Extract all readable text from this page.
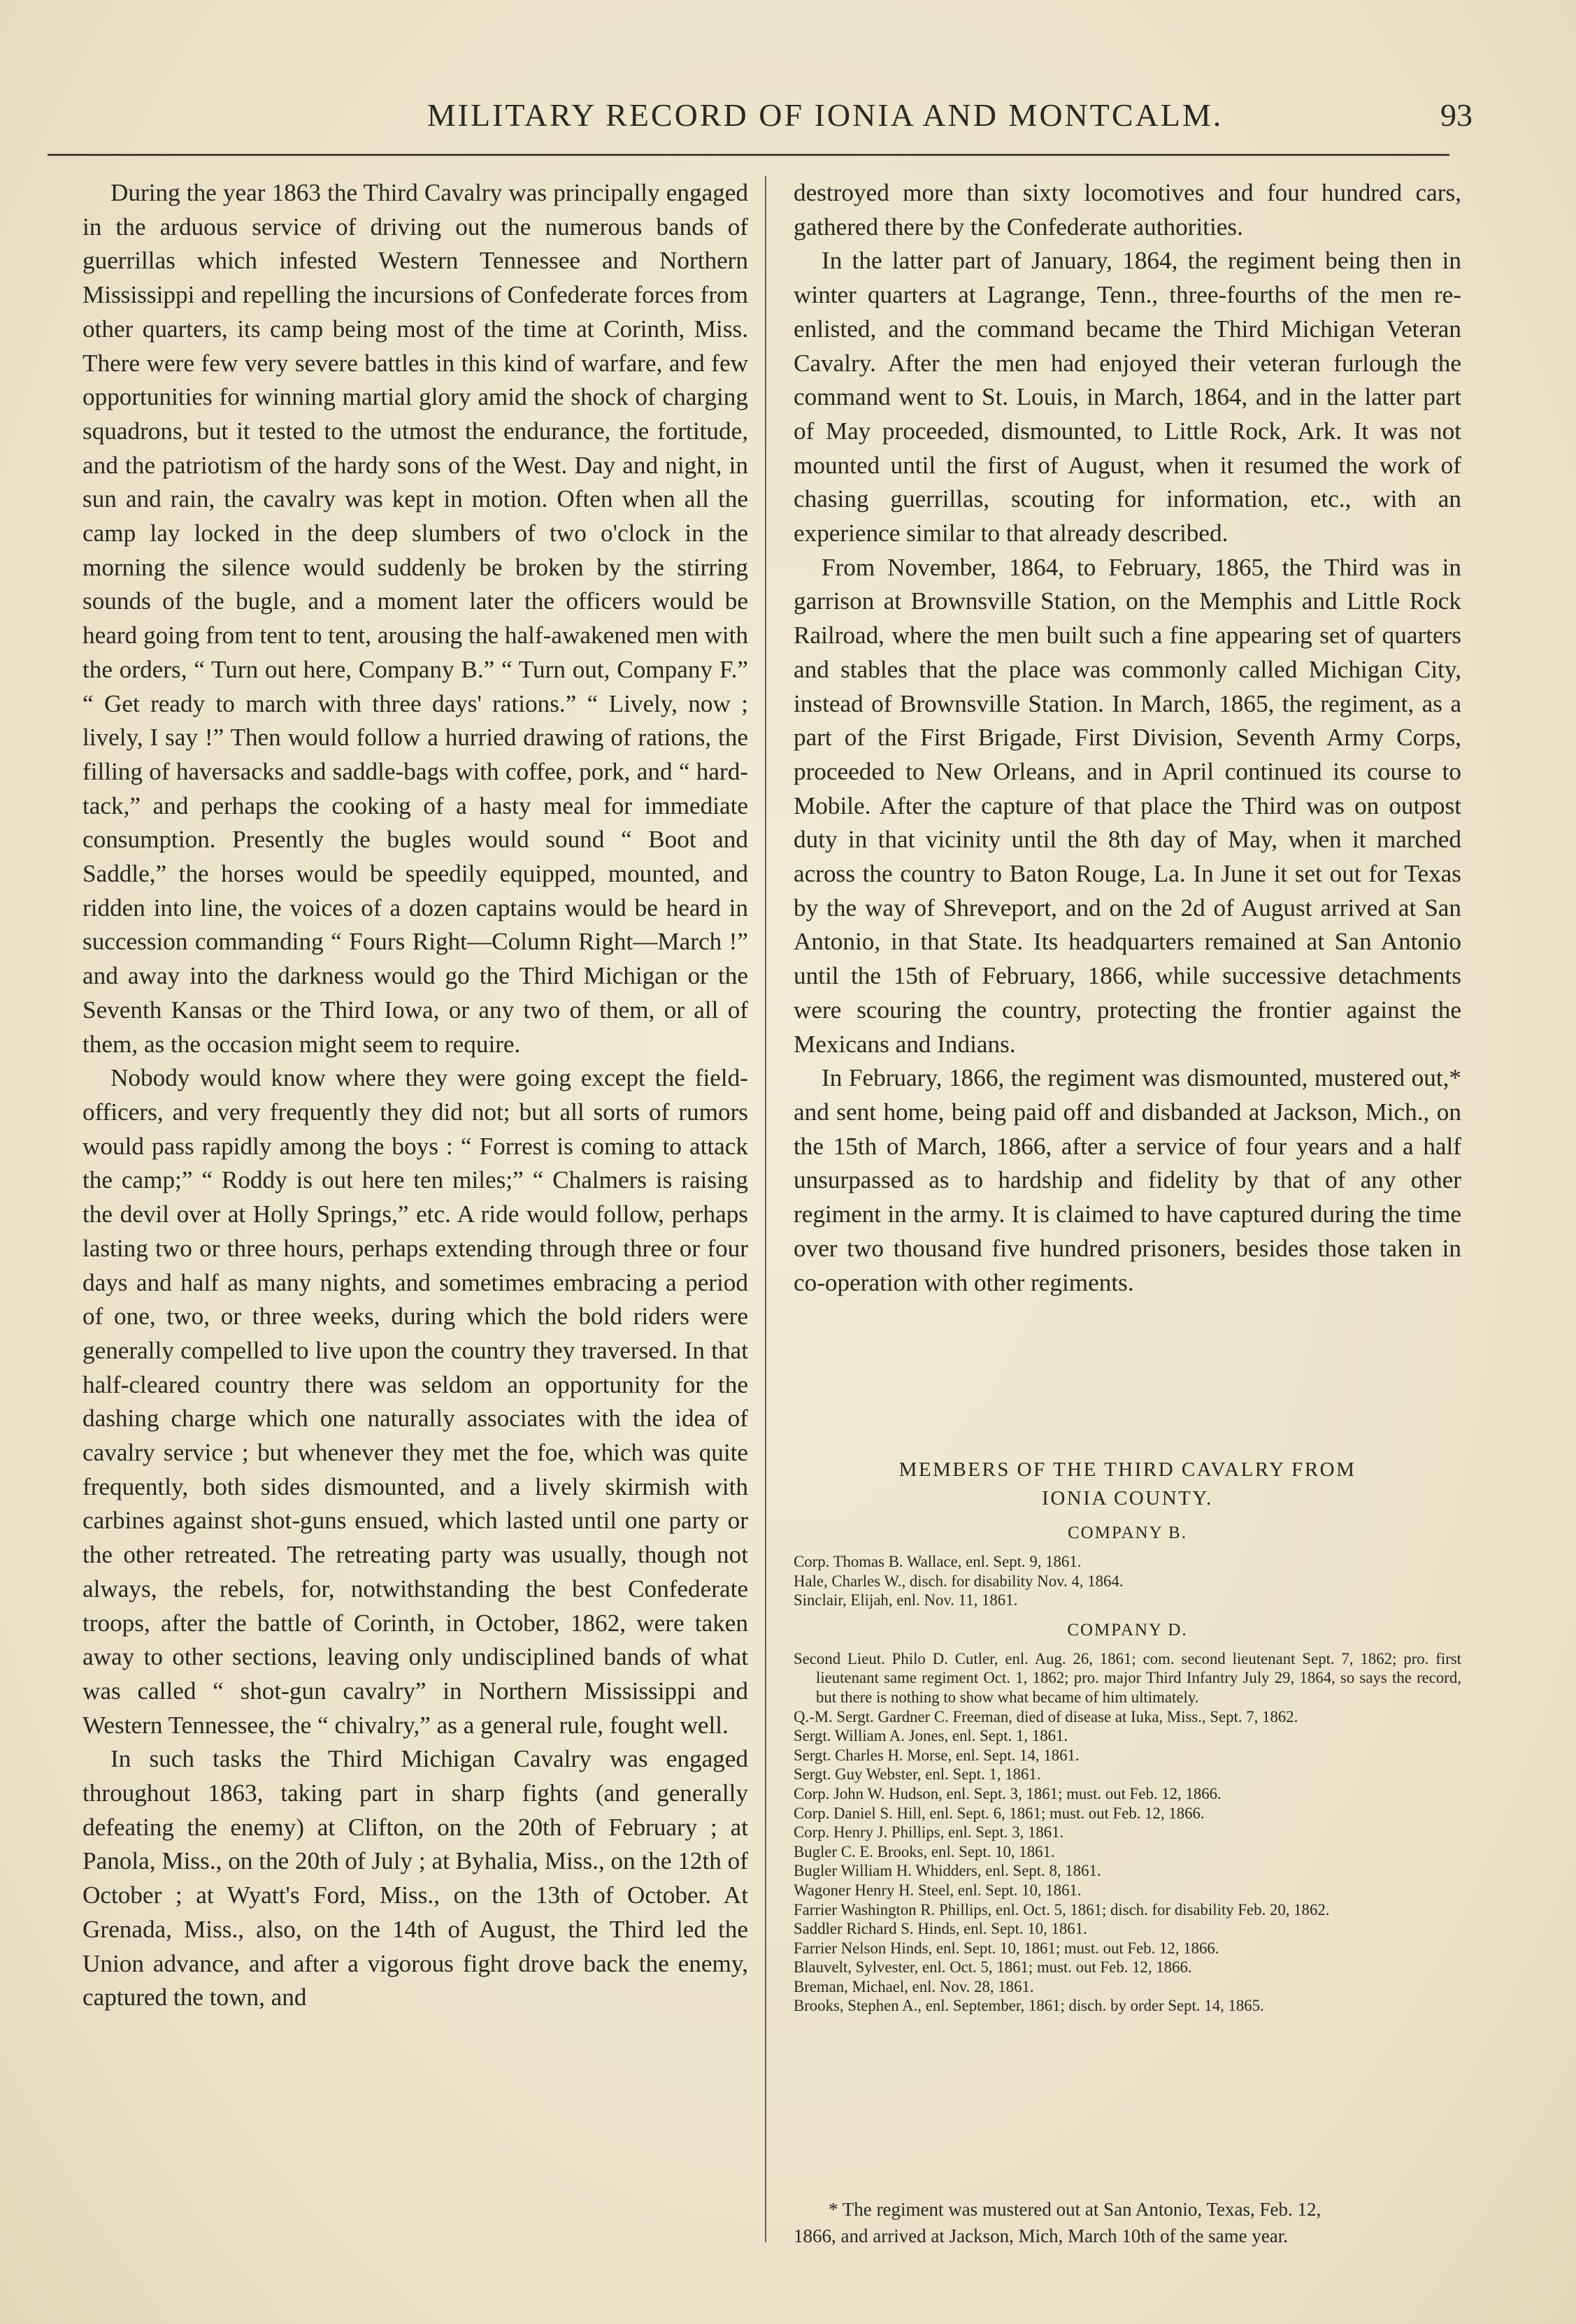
MILITARY RECORD OF IONIA AND MONTCALM.	93

During the year 1863 the Third Cavalry was principally engaged in the arduous service of driving out the numerous bands of guerrillas which infested Western Tennessee and Northern Mississippi and repelling the incursions of Confederate forces from other quarters, its camp being most of the time at Corinth, Miss. There were few very severe battles in this kind of warfare, and few opportunities for winning martial glory amid the shock of charging squadrons, but it tested to the utmost the endurance, the fortitude, and the patriotism of the hardy sons of the West. Day and night, in sun and rain, the cavalry was kept in motion. Often when all the camp lay locked in the deep slumbers of two o'clock in the morning the silence would suddenly be broken by the stirring sounds of the bugle, and a moment later the officers would be heard going from tent to tent, arousing the half-awakened men with the orders, “ Turn out here, Company B.” “ Turn out, Company F.” “ Get ready to march with three days' rations.” “ Lively, now ; lively, I say !” Then would follow a hurried drawing of rations, the filling of haversacks and saddle-bags with coffee, pork, and “ hard-tack,” and perhaps the cooking of a hasty meal for immediate consumption. Presently the bugles would sound “ Boot and Saddle,” the horses would be speedily equipped, mounted, and ridden into line, the voices of a dozen captains would be heard in succession commanding “ Fours Right—Column Right—March !” and away into the darkness would go the Third Michigan or the Seventh Kansas or the Third Iowa, or any two of them, or all of them, as the occasion might seem to require.

Nobody would know where they were going except the field-officers, and very frequently they did not; but all sorts of rumors would pass rapidly among the boys : “ Forrest is coming to attack the camp;” “ Roddy is out here ten miles;” “ Chalmers is raising the devil over at Holly Springs,” etc. A ride would follow, perhaps lasting two or three hours, perhaps extending through three or four days and half as many nights, and sometimes embracing a period of one, two, or three weeks, during which the bold riders were generally compelled to live upon the country they traversed. In that half-cleared country there was seldom an opportunity for the dashing charge which one naturally associates with the idea of cavalry service ; but whenever they met the foe, which was quite frequently, both sides dismounted, and a lively skirmish with carbines against shot-guns ensued, which lasted until one party or the other retreated. The retreating party was usually, though not always, the rebels, for, notwithstanding the best Confederate troops, after the battle of Corinth, in October, 1862, were taken away to other sections, leaving only undisciplined bands of what was called “ shot-gun cavalry” in Northern Mississippi and Western Tennessee, the “ chivalry,” as a general rule, fought well.

In such tasks the Third Michigan Cavalry was engaged throughout 1863, taking part in sharp fights (and generally defeating the enemy) at Clifton, on the 20th of February ; at Panola, Miss., on the 20th of July ; at Byhalia, Miss., on the 12th of October ; at Wyatt's Ford, Miss., on the 13th of October. At Grenada, Miss., also, on the 14th of August, the Third led the Union advance, and after a vigorous fight drove back the enemy, captured the town, and

destroyed more than sixty locomotives and four hundred cars, gathered there by the Confederate authorities.

In the latter part of January, 1864, the regiment being then in winter quarters at Lagrange, Tenn., three-fourths of the men re-enlisted, and the command became the Third Michigan Veteran Cavalry. After the men had enjoyed their veteran furlough the command went to St. Louis, in March, 1864, and in the latter part of May proceeded, dismounted, to Little Rock, Ark. It was not mounted until the first of August, when it resumed the work of chasing guerrillas, scouting for information, etc., with an experience similar to that already described.

From November, 1864, to February, 1865, the Third was in garrison at Brownsville Station, on the Memphis and Little Rock Railroad, where the men built such a fine appearing set of quarters and stables that the place was commonly called Michigan City, instead of Brownsville Station. In March, 1865, the regiment, as a part of the First Brigade, First Division, Seventh Army Corps, proceeded to New Orleans, and in April continued its course to Mobile. After the capture of that place the Third was on outpost duty in that vicinity until the 8th day of May, when it marched across the country to Baton Rouge, La. In June it set out for Texas by the way of Shreveport, and on the 2d of August arrived at San Antonio, in that State. Its headquarters remained at San Antonio until the 15th of February, 1866, while successive detachments were scouring the country, protecting the frontier against the Mexicans and Indians.

In February, 1866, the regiment was dismounted, mustered out,* and sent home, being paid off and disbanded at Jackson, Mich., on the 15th of March, 1866, after a service of four years and a half unsurpassed as to hardship and fidelity by that of any other regiment in the army. It is claimed to have captured during the time over two thousand five hundred prisoners, besides those taken in co-operation with other regiments.

MEMBERS OF THE THIRD CAVALRY FROM IONIA COUNTY.
COMPANY B.

Corp. Thomas B. Wallace, enl. Sept. 9, 1861.

Hale, Charles W., disch. for disability Nov. 4, 1864.

Sinclair, Elijah, enl. Nov. 11, 1861.

COMPANY D.

Second Lieut. Philo D. Cutler, enl. Aug. 26, 1861; com. second lieutenant Sept. 7, 1862; pro. first lieutenant same regiment Oct. 1, 1862; pro. major Third Infantry July 29, 1864, so says the record, but there is nothing to show what became of him ultimately.

Q.-M. Sergt. Gardner C. Freeman, died of disease at Iuka, Miss., Sept. 7, 1862.

Sergt. William A. Jones, enl. Sept. 1, 1861.

Sergt. Charles H. Morse, enl. Sept. 14, 1861.

Sergt. Guy Webster, enl. Sept. 1, 1861.

Corp. John W. Hudson, enl. Sept. 3, 1861; must. out Feb. 12, 1866.

Corp. Daniel S. Hill, enl. Sept. 6, 1861; must. out Feb. 12, 1866.

Corp. Henry J. Phillips, enl. Sept. 3, 1861.

Bugler C. E. Brooks, enl. Sept. 10, 1861.

Bugler William H. Whidders, enl. Sept. 8, 1861.

Wagoner Henry H. Steel, enl. Sept. 10, 1861.

Farrier Washington R. Phillips, enl. Oct. 5, 1861; disch. for disability Feb. 20, 1862.

Saddler Richard S. Hinds, enl. Sept. 10, 1861.

Farrier Nelson Hinds, enl. Sept. 10, 1861; must. out Feb. 12, 1866.

Blauvelt, Sylvester, enl. Oct. 5, 1861; must. out Feb. 12, 1866.

Breman, Michael, enl. Nov. 28, 1861.

Brooks, Stephen A., enl. September, 1861; disch. by order Sept. 14, 1865.

* The regiment was mustered out at San Antonio, Texas, Feb. 12,
1866, and arrived at Jackson, Mich, March 10th of the same year.
